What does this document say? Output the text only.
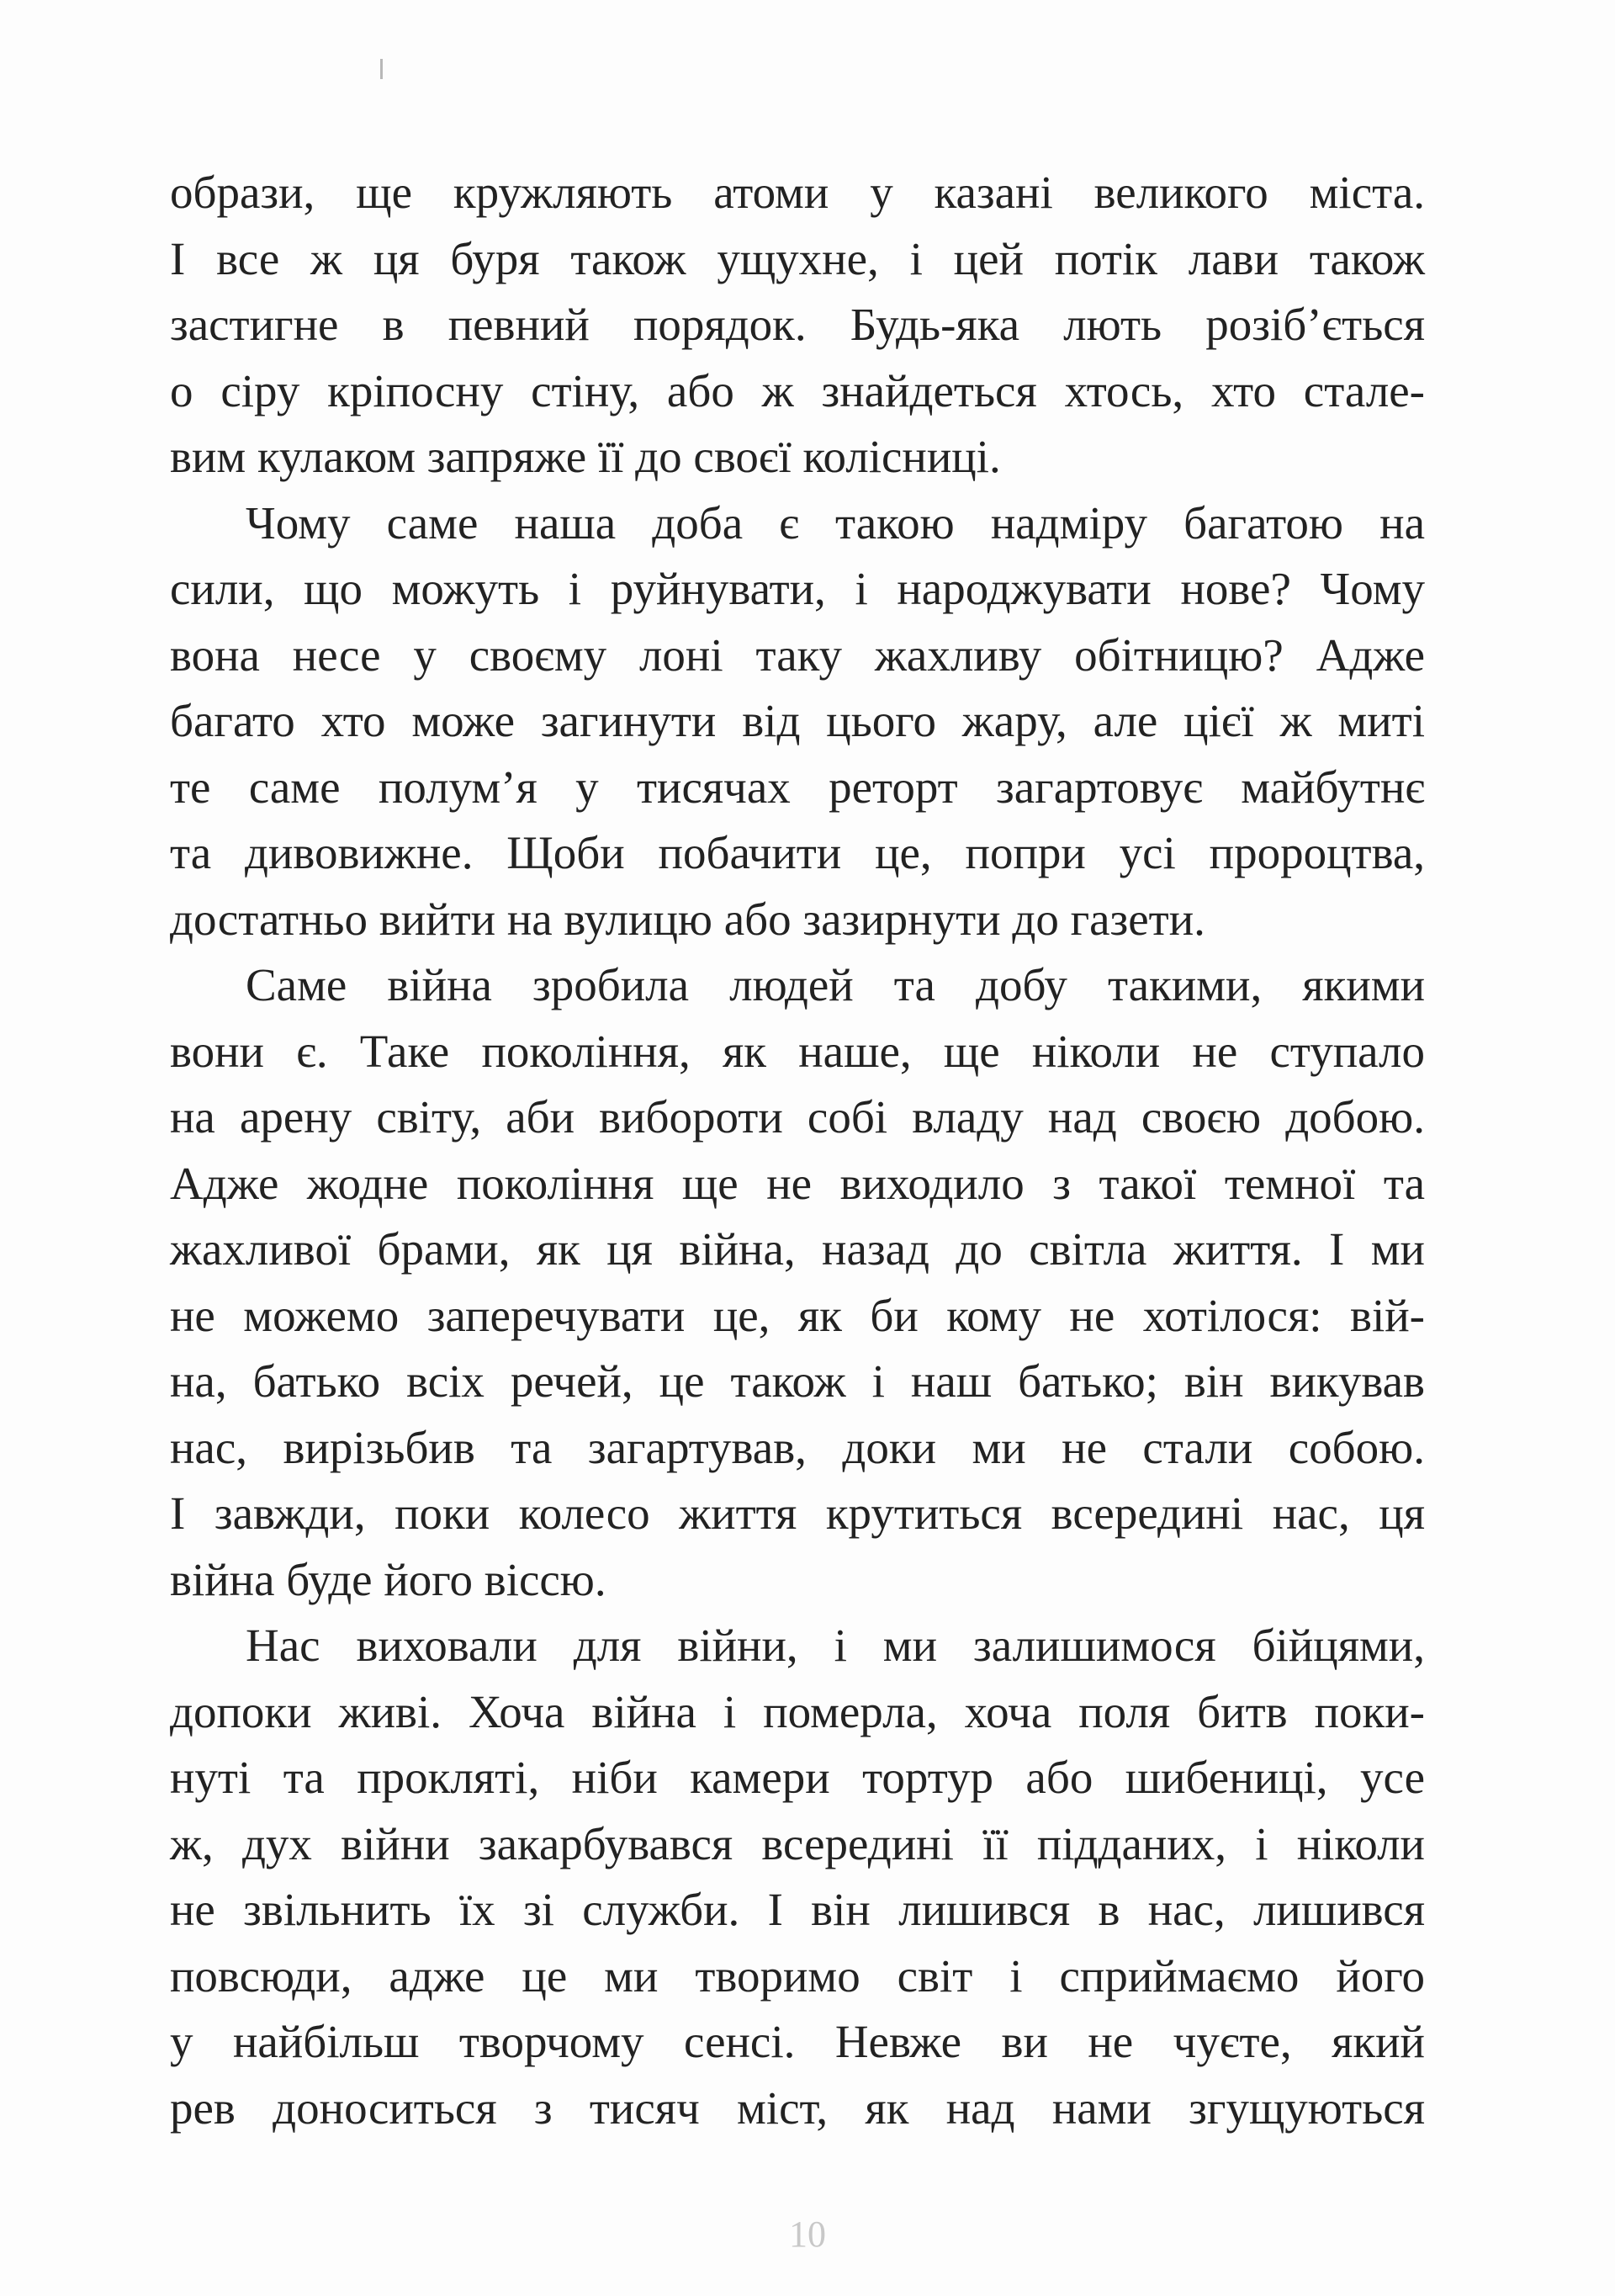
образи, ще кружляють атоми у казані великого міста.
І все ж ця буря також ущухне, і цей потік лави також
застигне в певний порядок. Будь-яка лють розіб’ється
о сіру кріпосну стіну, або ж знайдеться хтось, хто стале-
вим кулаком запряже її до своєї колісниці.
Чому саме наша доба є такою надміру багатою на
сили, що можуть і руйнувати, і народжувати нове? Чому
вона несе у своєму лоні таку жахливу обітницю? Адже
багато хто може загинути від цього жару, але цієї ж миті
те саме полум’я у тисячах реторт загартовує майбутнє
та дивовижне. Щоби побачити це, попри усі пророцтва,
достатньо вийти на вулицю або зазирнути до газети.
Саме війна зробила людей та добу такими, якими
вони є. Таке покоління, як наше, ще ніколи не ступало
на арену світу, аби вибороти собі владу над своєю добою.
Адже жодне покоління ще не виходило з такої темної та
жахливої брами, як ця війна, назад до світла життя. І ми
не можемо заперечувати це, як би кому не хотілося: вій-
на, батько всіх речей, це також і наш батько; він викував
нас, вирізьбив та загартував, доки ми не стали собою.
І завжди, поки колесо життя крутиться всередині нас, ця
війна буде його віссю.
Нас виховали для війни, і ми залишимося бійцями,
допоки живі. Хоча війна і померла, хоча поля битв поки-
нуті та прокляті, ніби камери тортур або шибениці, усе
ж, дух війни закарбувався всередині її підданих, і ніколи
не звільнить їх зі служби. І він лишився в нас, лишився
повсюди, адже це ми творимо світ і сприймаємо його
у найбільш творчому сенсі. Невже ви не чуєте, який
рев доноситься з тисяч міст, як над нами згущуються
10
